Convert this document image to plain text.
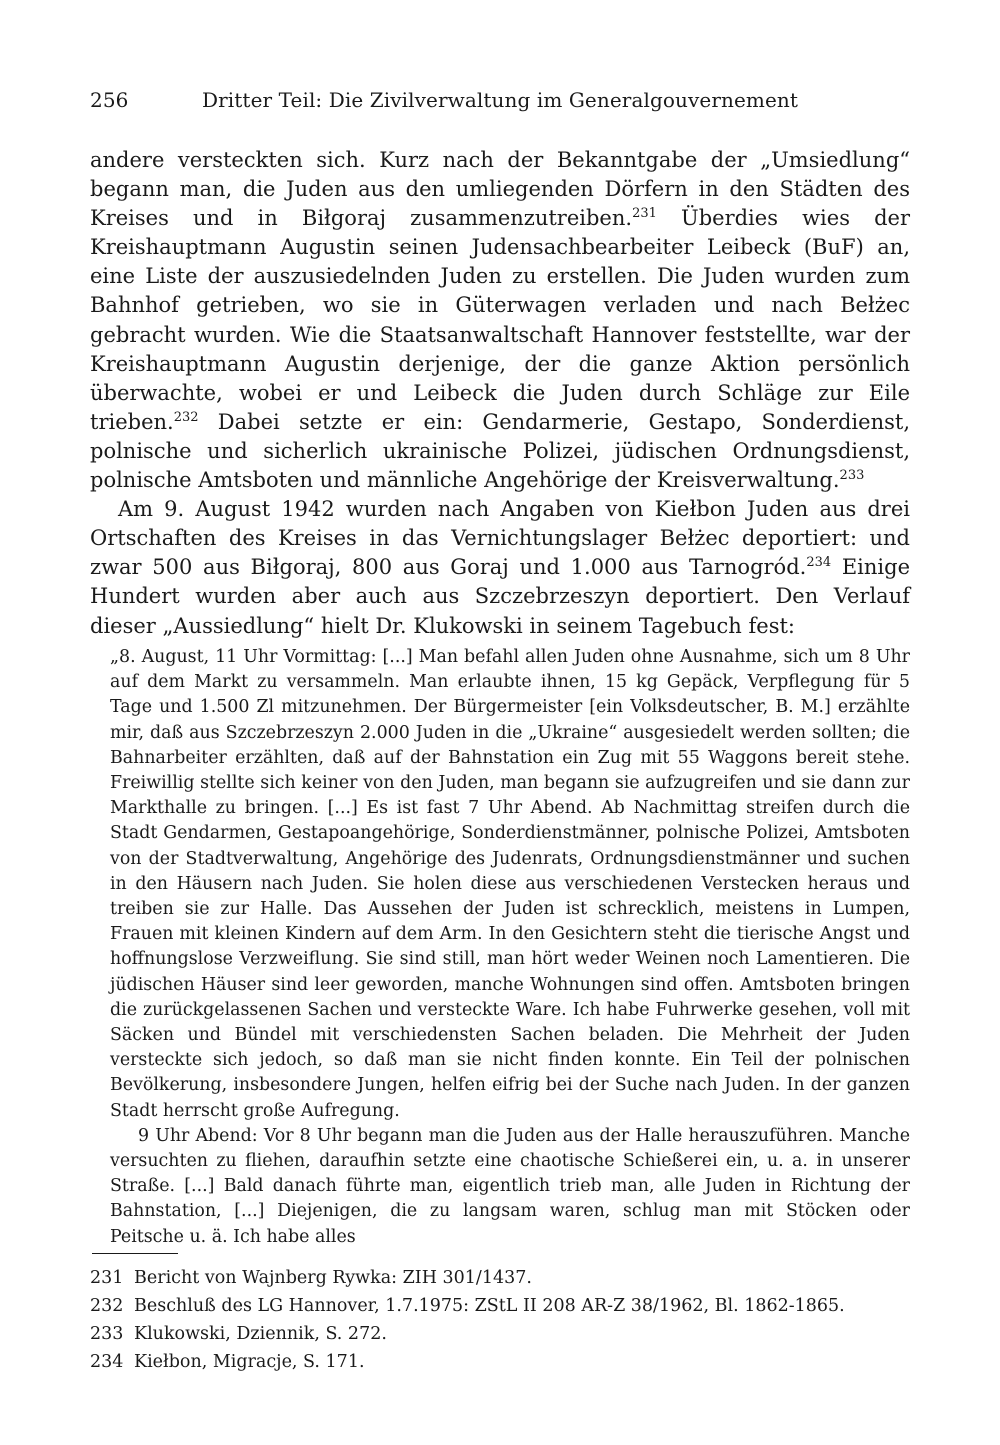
256	Dritter Teil: Die Zivilverwaltung im Generalgouvernement

andere versteckten sich. Kurz nach der Bekanntgabe der „Umsiedlung“ begann man, die Juden aus den umliegenden Dörfern in den Städten des Kreises und in Biłgoraj zusammenzutreiben.$^{231}$ Überdies wies der Kreishauptmann Augustin seinen Judensachbearbeiter Leibeck (BuF) an, eine Liste der auszusiedelnden Juden zu erstellen. Die Juden wurden zum Bahnhof getrieben, wo sie in Güterwagen verladen und nach Bełżec gebracht wurden. Wie die Staatsanwaltschaft Hannover feststellte, war der Kreishauptmann Augustin derjenige, der die ganze Aktion persönlich überwachte, wobei er und Leibeck die Juden durch Schläge zur Eile trieben.$^{232}$ Dabei setzte er ein: Gendarmerie, Gestapo, Sonderdienst, polnische und sicherlich ukrainische Polizei, jüdischen Ordnungsdienst, polnische Amtsboten und männliche Angehörige der Kreisverwaltung.$^{233}$

Am 9. August 1942 wurden nach Angaben von Kiełbon Juden aus drei Ortschaften des Kreises in das Vernichtungslager Bełżec deportiert: und zwar 500 aus Biłgoraj, 800 aus Goraj und 1.000 aus Tarnogród.$^{234}$ Einige Hundert wurden aber auch aus Szczebrzeszyn deportiert. Den Verlauf dieser „Aussiedlung“ hielt Dr. Klukowski in seinem Tagebuch fest:

„8. August, 11 Uhr Vormittag: [...] Man befahl allen Juden ohne Ausnahme, sich um 8 Uhr auf dem Markt zu versammeln. Man erlaubte ihnen, 15 kg Gepäck, Verpflegung für 5 Tage und 1.500 Zl mitzunehmen. Der Bürgermeister [ein Volksdeutscher, B. M.] erzählte mir, daß aus Szczebrzeszyn 2.000 Juden in die „Ukraine“ ausgesiedelt werden sollten; die Bahnarbeiter erzählten, daß auf der Bahnstation ein Zug mit 55 Waggons bereit stehe. Freiwillig stellte sich keiner von den Juden, man begann sie aufzugreifen und sie dann zur Markthalle zu bringen. [...] Es ist fast 7 Uhr Abend. Ab Nachmittag streifen durch die Stadt Gendarmen, Gestapoangehörige, Sonderdienstmänner, polnische Polizei, Amtsboten von der Stadtverwaltung, Angehörige des Judenrats, Ordnungsdienstmänner und suchen in den Häusern nach Juden. Sie holen diese aus verschiedenen Verstecken heraus und treiben sie zur Halle. Das Aussehen der Juden ist schrecklich, meistens in Lumpen, Frauen mit kleinen Kindern auf dem Arm. In den Gesichtern steht die tierische Angst und hoffnungslose Verzweiflung. Sie sind still, man hört weder Weinen noch Lamentieren. Die jüdischen Häuser sind leer geworden, manche Wohnungen sind offen. Amtsboten bringen die zurückgelassenen Sachen und versteckte Ware. Ich habe Fuhrwerke gesehen, voll mit Säcken und Bündel mit verschiedensten Sachen beladen. Die Mehrheit der Juden versteckte sich jedoch, so daß man sie nicht finden konnte. Ein Teil der polnischen Bevölkerung, insbesondere Jungen, helfen eifrig bei der Suche nach Juden. In der ganzen Stadt herrscht große Aufregung.

9 Uhr Abend: Vor 8 Uhr begann man die Juden aus der Halle herauszuführen. Manche versuchten zu fliehen, daraufhin setzte eine chaotische Schießerei ein, u. a. in unserer Straße. [...] Bald danach führte man, eigentlich trieb man, alle Juden in Richtung der Bahnstation, [...] Diejenigen, die zu langsam waren, schlug man mit Stöcken oder Peitsche u. ä. Ich habe alles

231 Bericht von Wajnberg Rywka: ZIH 301/1437.
232 Beschluß des LG Hannover, 1.7.1975: ZStL II 208 AR-Z 38/1962, Bl. 1862-1865.
233 Klukowski, Dziennik, S. 272.
234 Kiełbon, Migracje, S. 171.
